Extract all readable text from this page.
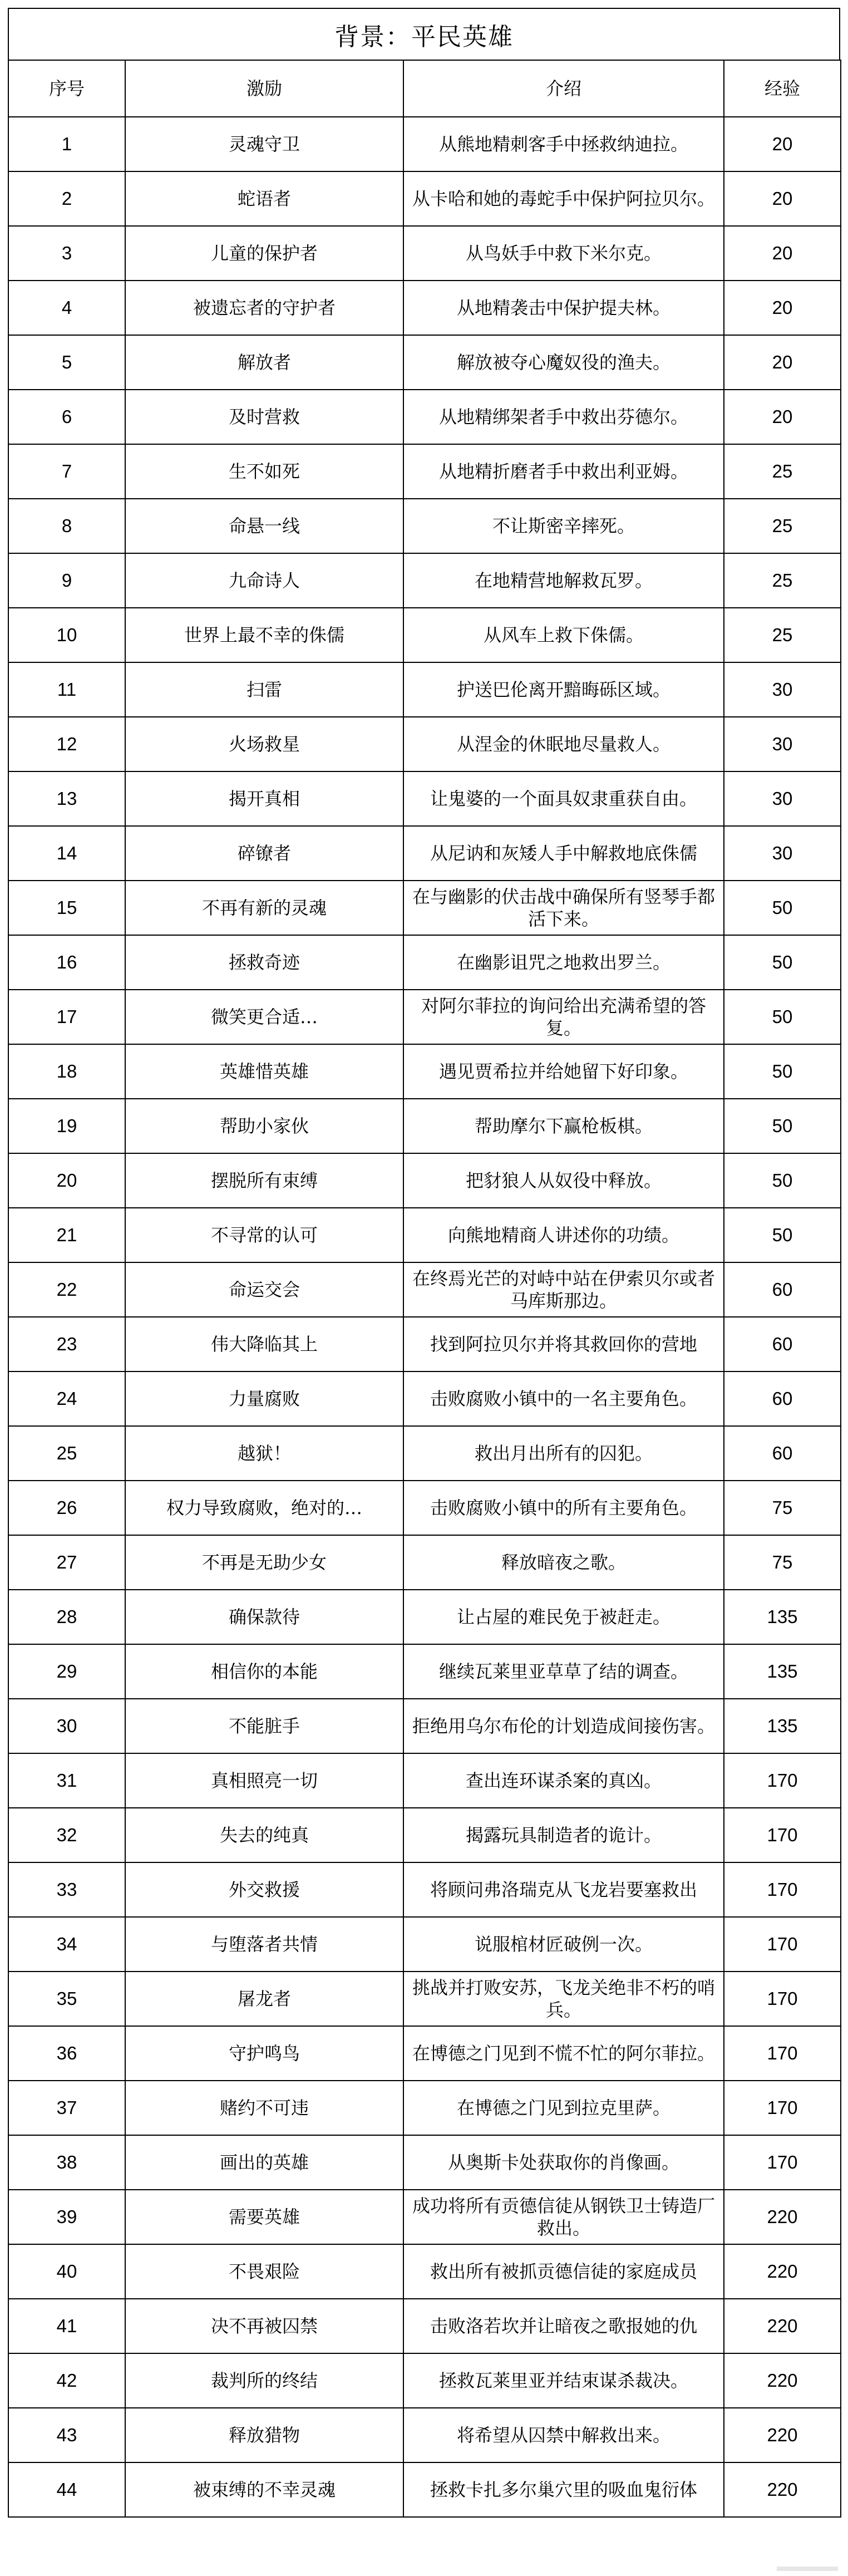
背景：平民英雄
序号	激励	介绍	经验
1	灵魂守卫	从熊地精刺客手中拯救纳迪拉。	20
2	蛇语者	从卡哈和她的毒蛇手中保护阿拉贝尔。	20
3	儿童的保护者	从鸟妖手中救下米尔克。	20
4	被遗忘者的守护者	从地精袭击中保护提夫林。	20
5	解放者	解放被夺心魔奴役的渔夫。	20
6	及时营救	从地精绑架者手中救出芬德尔。	20
7	生不如死	从地精折磨者手中救出利亚姆。	25
8	命悬一线	不让斯密辛摔死。	25
9	九命诗人	在地精营地解救瓦罗。	25
10	世界上最不幸的侏儒	从风车上救下侏儒。	25
11	扫雷	护送巴伦离开黯晦砾区域。	30
12	火场救星	从涅金的休眠地尽量救人。	30
13	揭开真相	让鬼婆的一个面具奴隶重获自由。	30
14	碎镣者	从尼讷和灰矮人手中解救地底侏儒	30
15	不再有新的灵魂	在与幽影的伏击战中确保所有竖琴手都活下来。	50
16	拯救奇迹	在幽影诅咒之地救出罗兰。	50
17	微笑更合适…	对阿尔菲拉的询问给出充满希望的答复。	50
18	英雄惜英雄	遇见贾希拉并给她留下好印象。	50
19	帮助小家伙	帮助摩尔下赢枪板棋。	50
20	摆脱所有束缚	把豺狼人从奴役中释放。	50
21	不寻常的认可	向熊地精商人讲述你的功绩。	50
22	命运交会	在终焉光芒的对峙中站在伊索贝尔或者马库斯那边。	60
23	伟大降临其上	找到阿拉贝尔并将其救回你的营地	60
24	力量腐败	击败腐败小镇中的一名主要角色。	60
25	越狱！	救出月出所有的囚犯。	60
26	权力导致腐败，绝对的…	击败腐败小镇中的所有主要角色。	75
27	不再是无助少女	释放暗夜之歌。	75
28	确保款待	让占屋的难民免于被赶走。	135
29	相信你的本能	继续瓦莱里亚草草了结的调查。	135
30	不能脏手	拒绝用乌尔布伦的计划造成间接伤害。	135
31	真相照亮一切	查出连环谋杀案的真凶。	170
32	失去的纯真	揭露玩具制造者的诡计。	170
33	外交救援	将顾问弗洛瑞克从飞龙岩要塞救出	170
34	与堕落者共情	说服棺材匠破例一次。	170
35	屠龙者	挑战并打败安苏，飞龙关绝非不朽的哨兵。	170
36	守护鸣鸟	在博德之门见到不慌不忙的阿尔菲拉。	170
37	赌约不可违	在博德之门见到拉克里萨。	170
38	画出的英雄	从奥斯卡处获取你的肖像画。	170
39	需要英雄	成功将所有贡德信徒从钢铁卫士铸造厂救出。	220
40	不畏艰险	救出所有被抓贡德信徒的家庭成员	220
41	决不再被囚禁	击败洛若坎并让暗夜之歌报她的仇	220
42	裁判所的终结	拯救瓦莱里亚并结束谋杀裁决。	220
43	释放猎物	将希望从囚禁中解救出来。	220
44	被束缚的不幸灵魂	拯救卡扎多尔巢穴里的吸血鬼衍体	220
